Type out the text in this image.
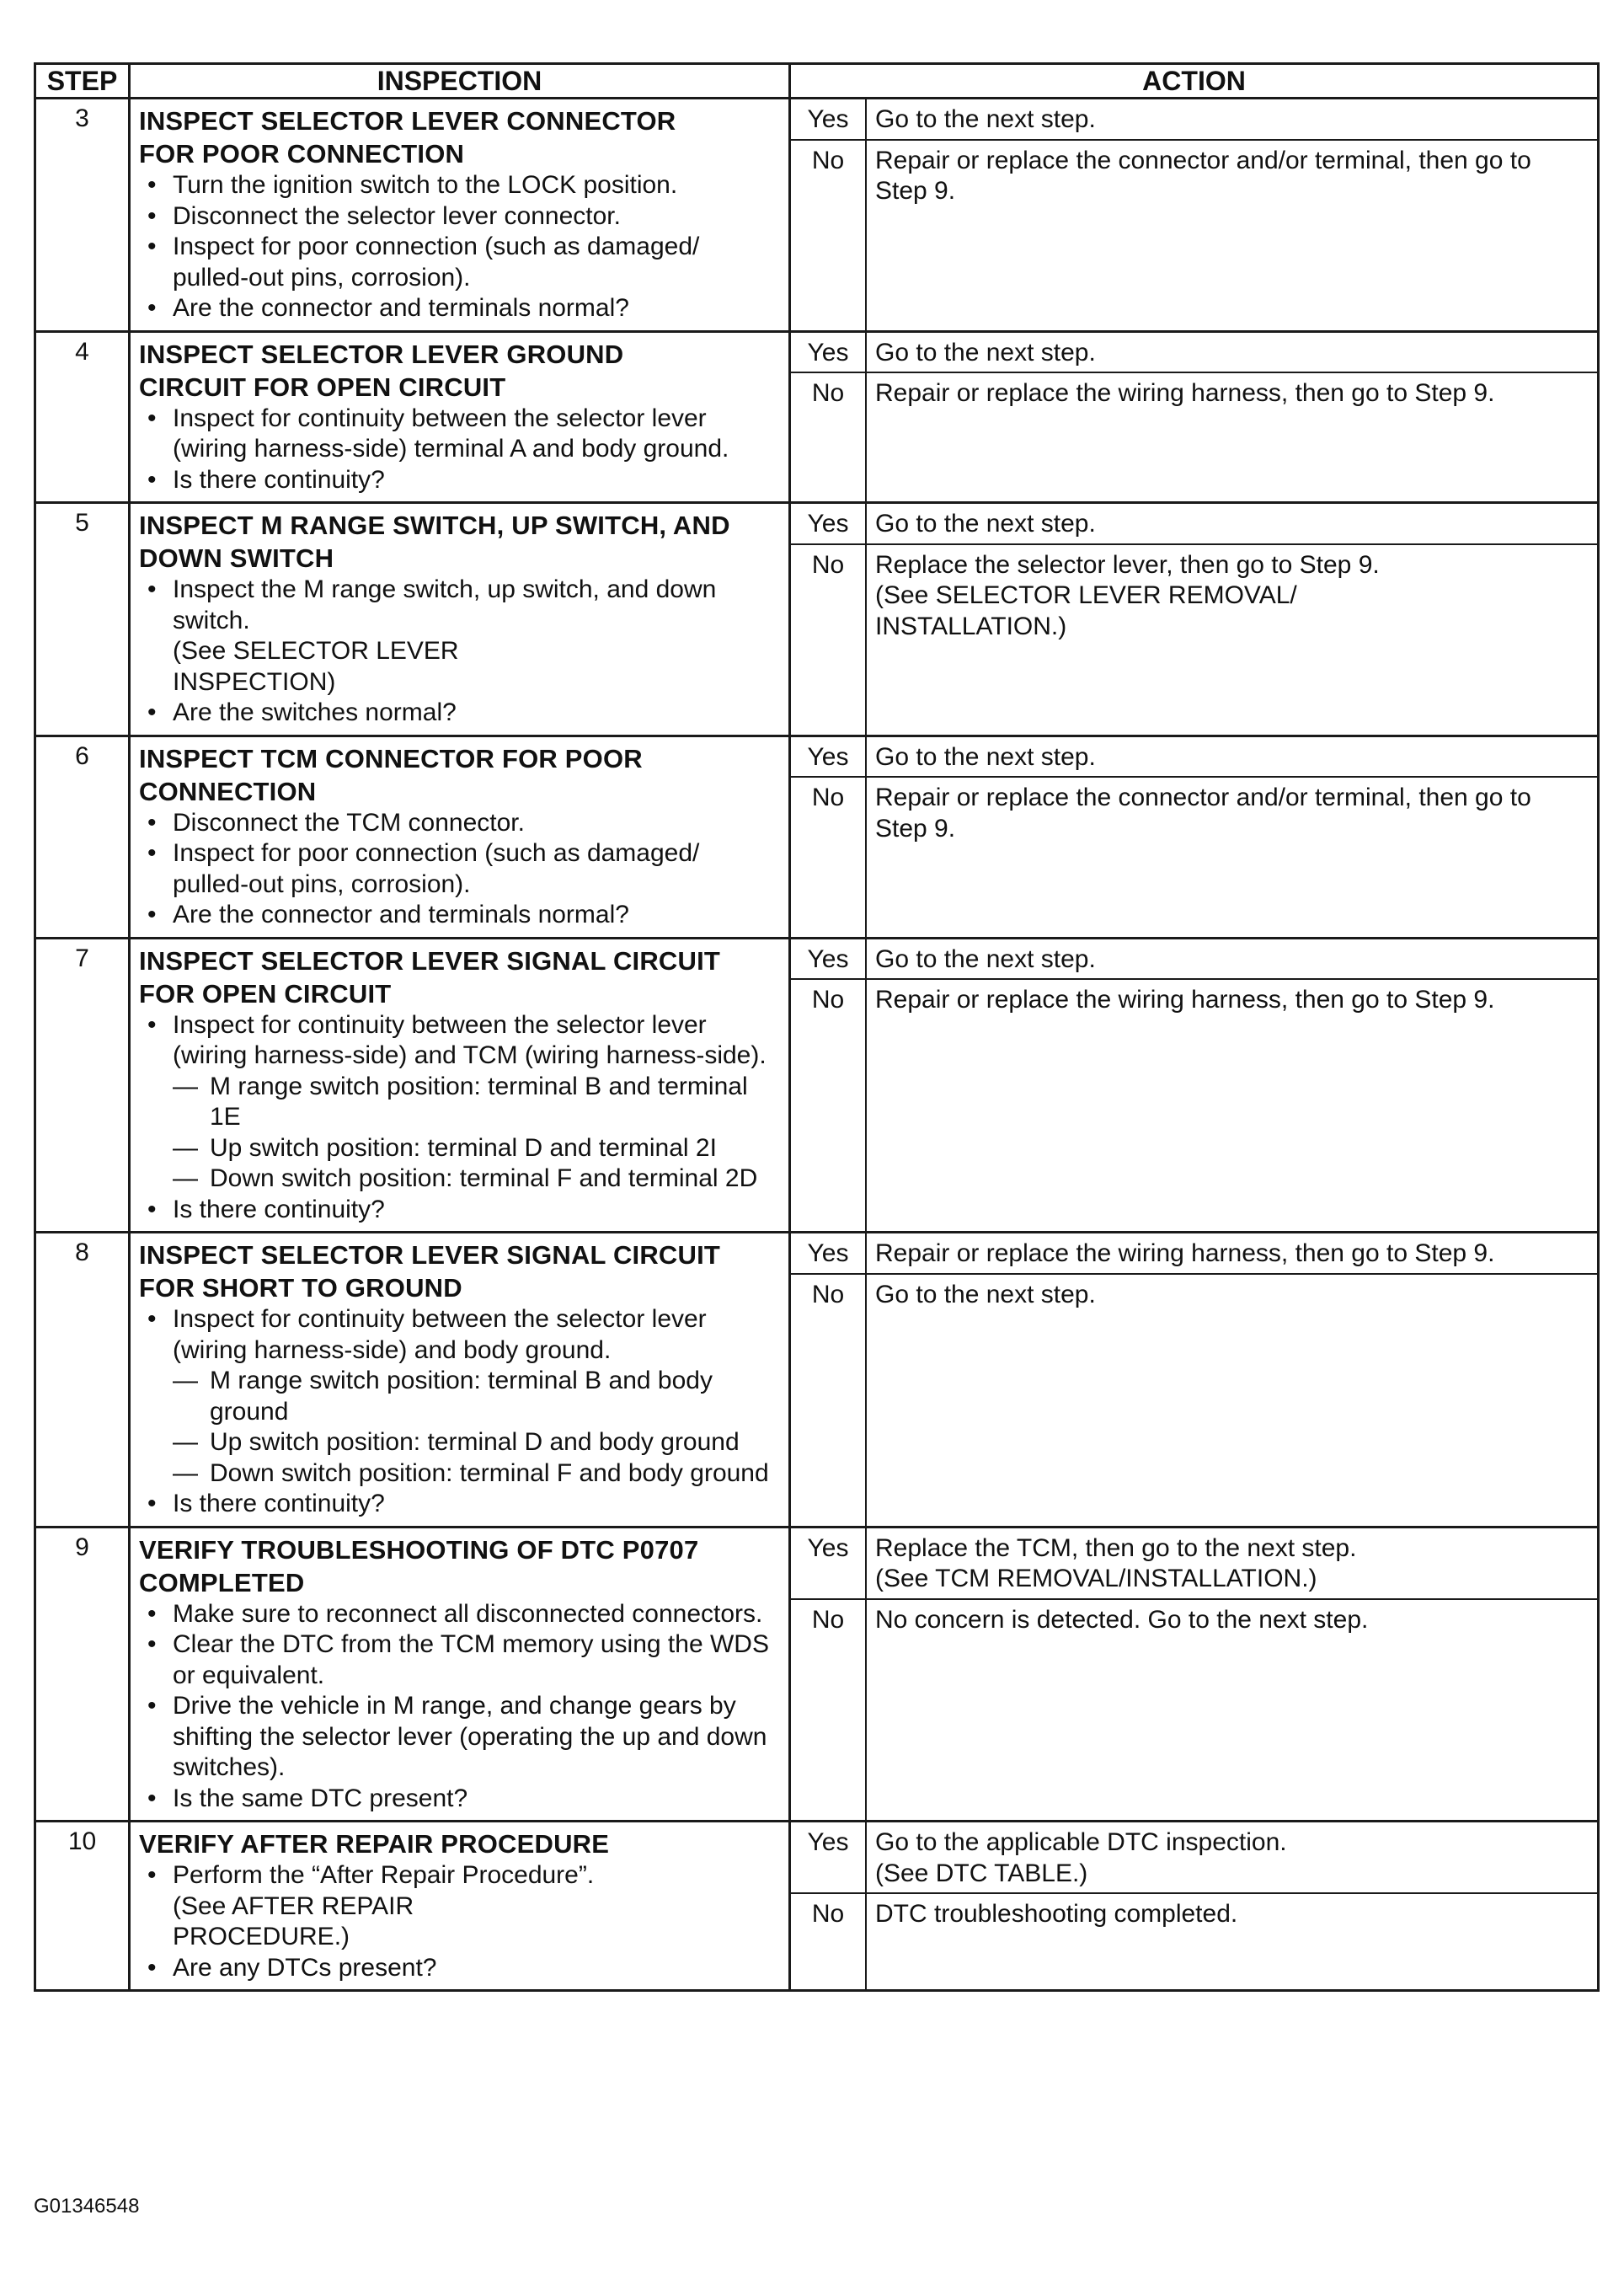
STEP	INSPECTION	ACTION
3	INSPECT SELECTOR LEVER CONNECTOR
FOR POOR CONNECTION
• Turn the ignition switch to the LOCK position.
• Disconnect the selector lever connector.
• Inspect for poor connection (such as damaged/ pulled-out pins, corrosion).
• Are the connector and terminals normal?

Yes	Go to the next step.
No	Repair or replace the connector and/or terminal, then go to Step 9.

4	INSPECT SELECTOR LEVER GROUND
CIRCUIT FOR OPEN CIRCUIT
• Inspect for continuity between the selector lever (wiring harness-side) terminal A and body ground.
• Is there continuity?

Yes	Go to the next step.
No	Repair or replace the wiring harness, then go to Step 9.

5	INSPECT M RANGE SWITCH, UP SWITCH, AND
DOWN SWITCH
• Inspect the M range switch, up switch, and down switch.
(See SELECTOR LEVER
INSPECTION)
• Are the switches normal?

Yes	Go to the next step.
No	Replace the selector lever, then go to Step 9.
(See SELECTOR LEVER REMOVAL/
INSTALLATION.)

6	INSPECT TCM CONNECTOR FOR POOR
CONNECTION
• Disconnect the TCM connector.
• Inspect for poor connection (such as damaged/ pulled-out pins, corrosion).
• Are the connector and terminals normal?

Yes	Go to the next step.
No	Repair or replace the connector and/or terminal, then go to Step 9.

7	INSPECT SELECTOR LEVER SIGNAL CIRCUIT
FOR OPEN CIRCUIT
• Inspect for continuity between the selector lever (wiring harness-side) and TCM (wiring harness-side).
— M range switch position: terminal B and terminal 1E
— Up switch position: terminal D and terminal 2I
— Down switch position: terminal F and terminal 2D
• Is there continuity?

Yes	Go to the next step.
No	Repair or replace the wiring harness, then go to Step 9.

8	INSPECT SELECTOR LEVER SIGNAL CIRCUIT
FOR SHORT TO GROUND
• Inspect for continuity between the selector lever (wiring harness-side) and body ground.
— M range switch position: terminal B and body ground
— Up switch position: terminal D and body ground
— Down switch position: terminal F and body ground
• Is there continuity?

Yes	Repair or replace the wiring harness, then go to Step 9.
No	Go to the next step.

9	VERIFY TROUBLESHOOTING OF DTC P0707
COMPLETED
• Make sure to reconnect all disconnected connectors.
• Clear the DTC from the TCM memory using the WDS or equivalent.
• Drive the vehicle in M range, and change gears by shifting the selector lever (operating the up and down switches).
• Is the same DTC present?

Yes	Replace the TCM, then go to the next step.
(See TCM REMOVAL/INSTALLATION.)

No	No concern is detected. Go to the next step.

10	VERIFY AFTER REPAIR PROCEDURE
• Perform the “After Repair Procedure”.
(See AFTER REPAIR
PROCEDURE.)
• Are any DTCs present?

Yes	Go to the applicable DTC inspection.
(See DTC TABLE.)

No	DTC troubleshooting completed.
G01346548
